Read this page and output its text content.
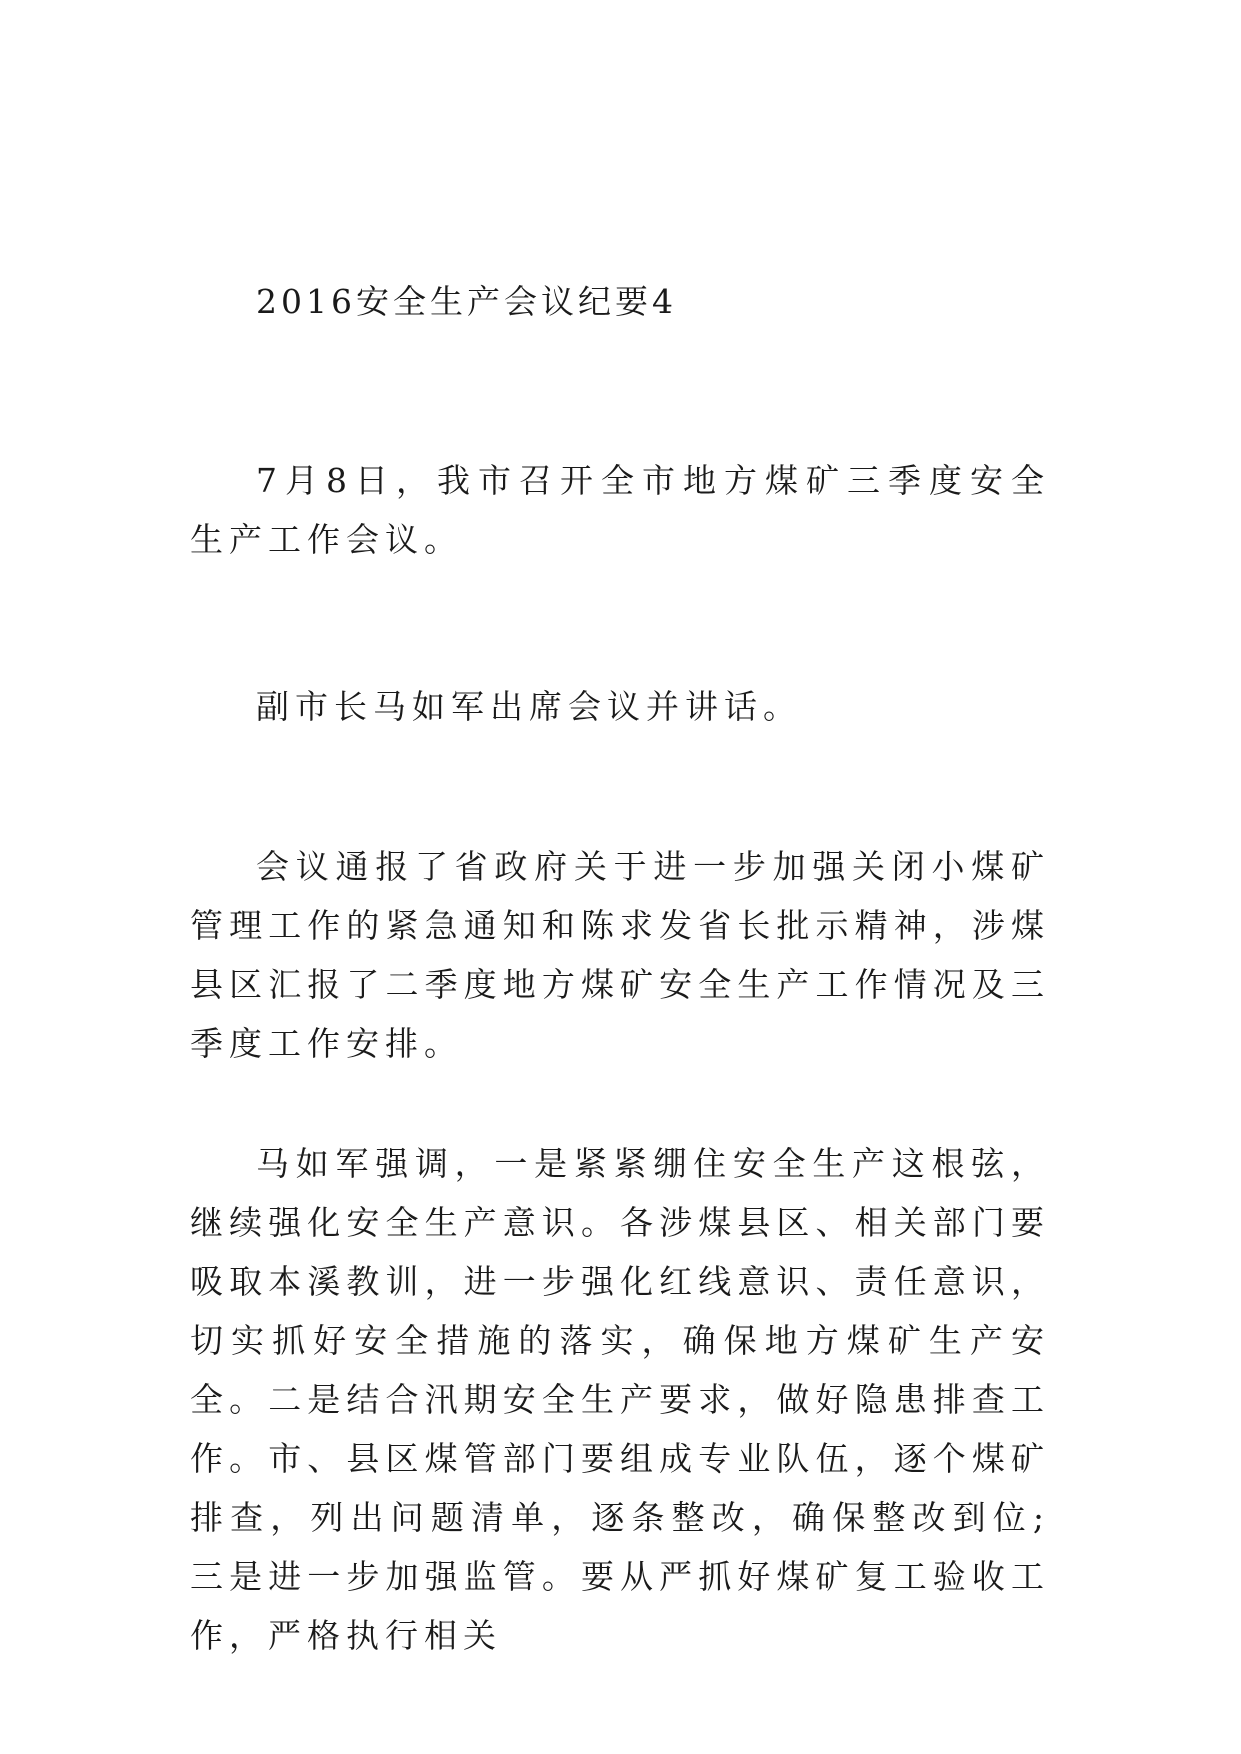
2016安全生产会议纪要4

7月8日，我市召开全市地方煤矿三季度安全生产工作会议。

副市长马如军出席会议并讲话。

会议通报了省政府关于进一步加强关闭小煤矿管理工作的紧急通知和陈求发省长批示精神，涉煤县区汇报了二季度地方煤矿安全生产工作情况及三季度工作安排。

马如军强调，一是紧紧绷住安全生产这根弦，继续强化安全生产意识。各涉煤县区、相关部门要吸取本溪教训，进一步强化红线意识、责任意识，切实抓好安全措施的落实，确保地方煤矿生产安全。二是结合汛期安全生产要求，做好隐患排查工作。市、县区煤管部门要组成专业队伍，逐个煤矿排查，列出问题清单，逐条整改，确保整改到位;三是进一步加强监管。要从严抓好煤矿复工验收工作，严格执行相关
